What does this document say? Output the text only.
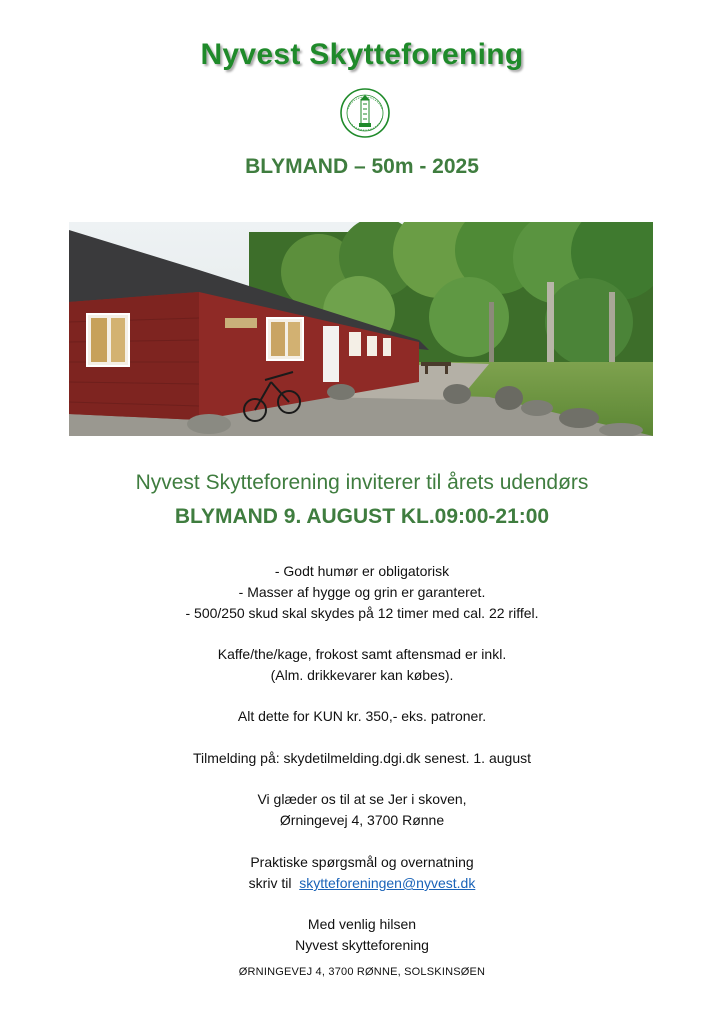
Nyvest Skytteforening
BLYMAND – 50m - 2025
Nyvest Skytteforening inviterer til årets udendørs
BLYMAND 9. AUGUST KL.09:00-21:00
- Godt humør er obligatorisk
- Masser af hygge og grin er garanteret.
- 500/250 skud skal skydes på 12 timer med cal. 22 riffel.
Kaffe/the/kage, frokost samt aftensmad er inkl.
(Alm. drikkevarer kan købes).
Alt dette for KUN kr. 350,- eks. patroner.
Tilmelding på: skydetilmelding.dgi.dk senest. 1. august
Vi glæder os til at se Jer i skoven,
Ørningevej 4, 3700 Rønne
Praktiske spørgsmål og overnatning
skriv til  skytteforeningen@nyvest.dk
Med venlig hilsen
Nyvest skytteforening
ØRNINGEVEJ 4, 3700 RØNNE, SOLSKINSØEN
